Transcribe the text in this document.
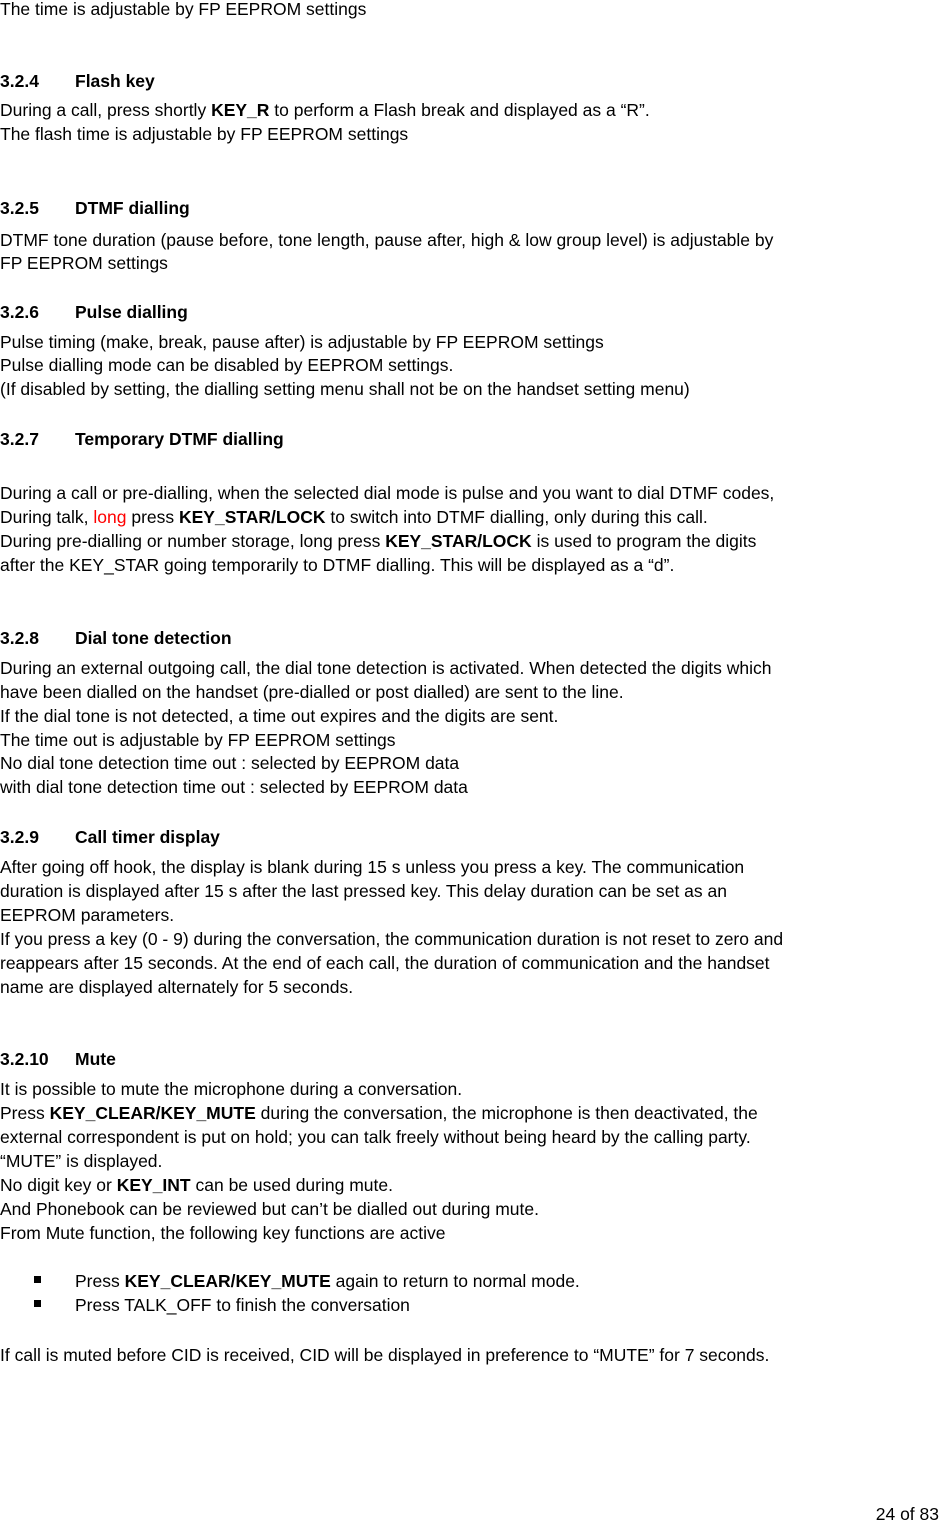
The time is adjustable by FP EEPROM settings
3.2.4 Flash key
During a call, press shortly KEY_R to perform a Flash break and displayed as a “R”.
The flash time is adjustable by FP EEPROM settings
3.2.5 DTMF dialling
DTMF tone duration (pause before, tone length, pause after, high & low group level) is adjustable by
FP EEPROM settings
3.2.6 Pulse dialling
Pulse timing (make, break, pause after) is adjustable by FP EEPROM settings
Pulse dialling mode can be disabled by EEPROM settings.
(If disabled by setting, the dialling setting menu shall not be on the handset setting menu)
3.2.7 Temporary DTMF dialling
During a call or pre-dialling, when the selected dial mode is pulse and you want to dial DTMF codes,
During talk, long press KEY_STAR/LOCK to switch into DTMF dialling, only during this call.
During pre-dialling or number storage, long press KEY_STAR/LOCK is used to program the digits
after the KEY_STAR going temporarily to DTMF dialling. This will be displayed as a “d”.
3.2.8 Dial tone detection
During an external outgoing call, the dial tone detection is activated. When detected the digits which
have been dialled on the handset (pre-dialled or post dialled) are sent to the line.
If the dial tone is not detected, a time out expires and the digits are sent.
The time out is adjustable by FP EEPROM settings
No dial tone detection time out : selected by EEPROM data
with dial tone detection time out : selected by EEPROM data
3.2.9 Call timer display
After going off hook, the display is blank during 15 s unless you press a key. The communication
duration is displayed after 15 s after the last pressed key. This delay duration can be set as an
EEPROM parameters.
If you press a key (0 - 9) during the conversation, the communication duration is not reset to zero and
reappears after 15 seconds. At the end of each call, the duration of communication and the handset
name are displayed alternately for 5 seconds.
3.2.10 Mute
It is possible to mute the microphone during a conversation.
Press KEY_CLEAR/KEY_MUTE during the conversation, the microphone is then deactivated, the
external correspondent is put on hold; you can talk freely without being heard by the calling party.
“MUTE” is displayed.
No digit key or KEY_INT can be used during mute.
And Phonebook can be reviewed but can’t be dialled out during mute.
From Mute function, the following key functions are active
Press KEY_CLEAR/KEY_MUTE again to return to normal mode.
Press TALK_OFF to finish the conversation
If call is muted before CID is received, CID will be displayed in preference to “MUTE” for 7 seconds.
24 of 83
